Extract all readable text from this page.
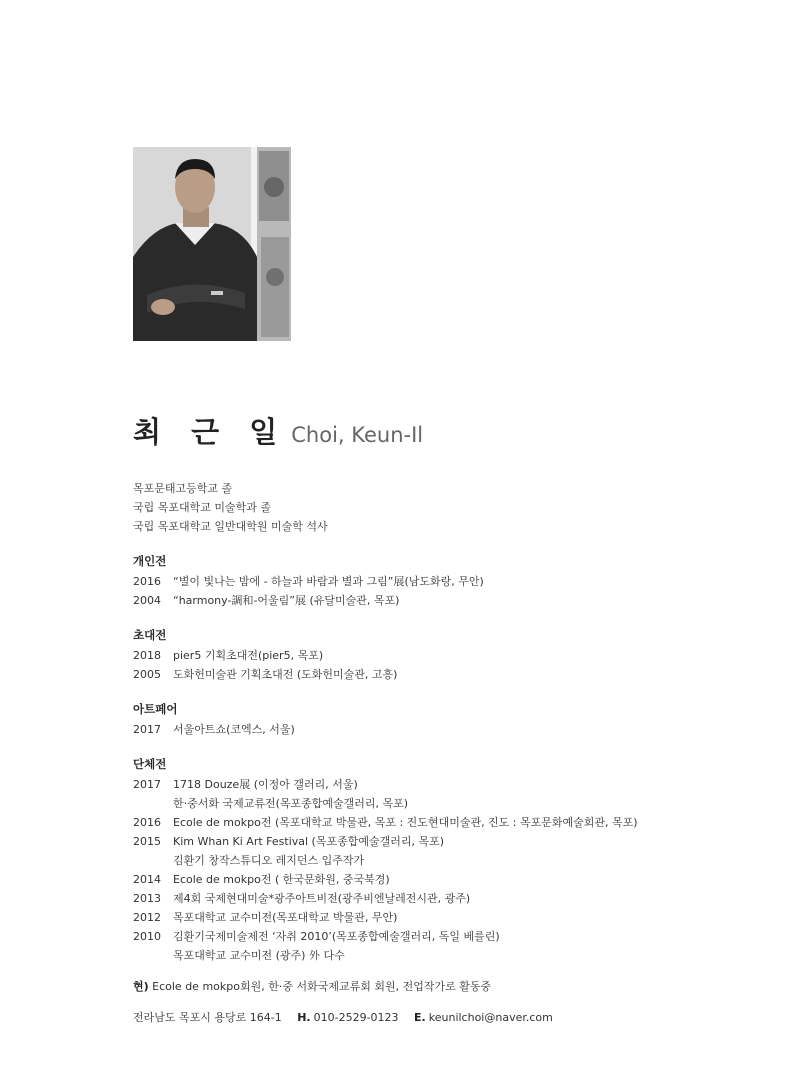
최 근 일 Choi, Keun-Il
목포문태고등학교 졸
국립 목포대학교 미술학과 졸
국립 목포대학교 일반대학원 미술학 석사
개인전
2016	“별이 빛나는 밤에 - 하늘과 바람과 별과 그림”展(남도화랑, 무안)
2004	“harmony-調和-어울림”展 (유달미술관, 목포)
초대전
2018	pier5 기획초대전(pier5, 목포)
2005	도화헌미술관 기획초대전 (도화헌미술관, 고흥)
아트페어
2017	서울아트쇼(코엑스, 서울)
단체전
2017	1718 Douze展 (이정아 갤러리, 서울)
한·중서화 국제교류전(목포종합예술갤러리, 목포)
2016	Ecole de mokpo전 (목포대학교 박물관, 목포 : 진도현대미술관, 진도 : 목포문화예술회관, 목포)
2015	Kim Whan Ki Art Festival (목포종합예술갤러리, 목포)
김환기 창작스튜디오 레지던스 입주작가
2014	Ecole de mokpo전 ( 한국문화원, 중국북경)
2013	제4회 국제현대미술*광주아트비전(광주비엔날레전시관, 광주)
2012	목포대학교 교수미전(목포대학교 박물관, 무안)
2010	김환기국제미술제전 ‘자취 2010’(목포종합예술갤러리, 독일 베를린)
목포대학교 교수미전 (광주) 外 다수
현) Ecole de mokpo회원, 한·중 서화국제교류회 회원, 전업작가로 활동중
전라남도 목포시 용당로 164-1 H. 010-2529-0123 E. keunilchoi@naver.com
